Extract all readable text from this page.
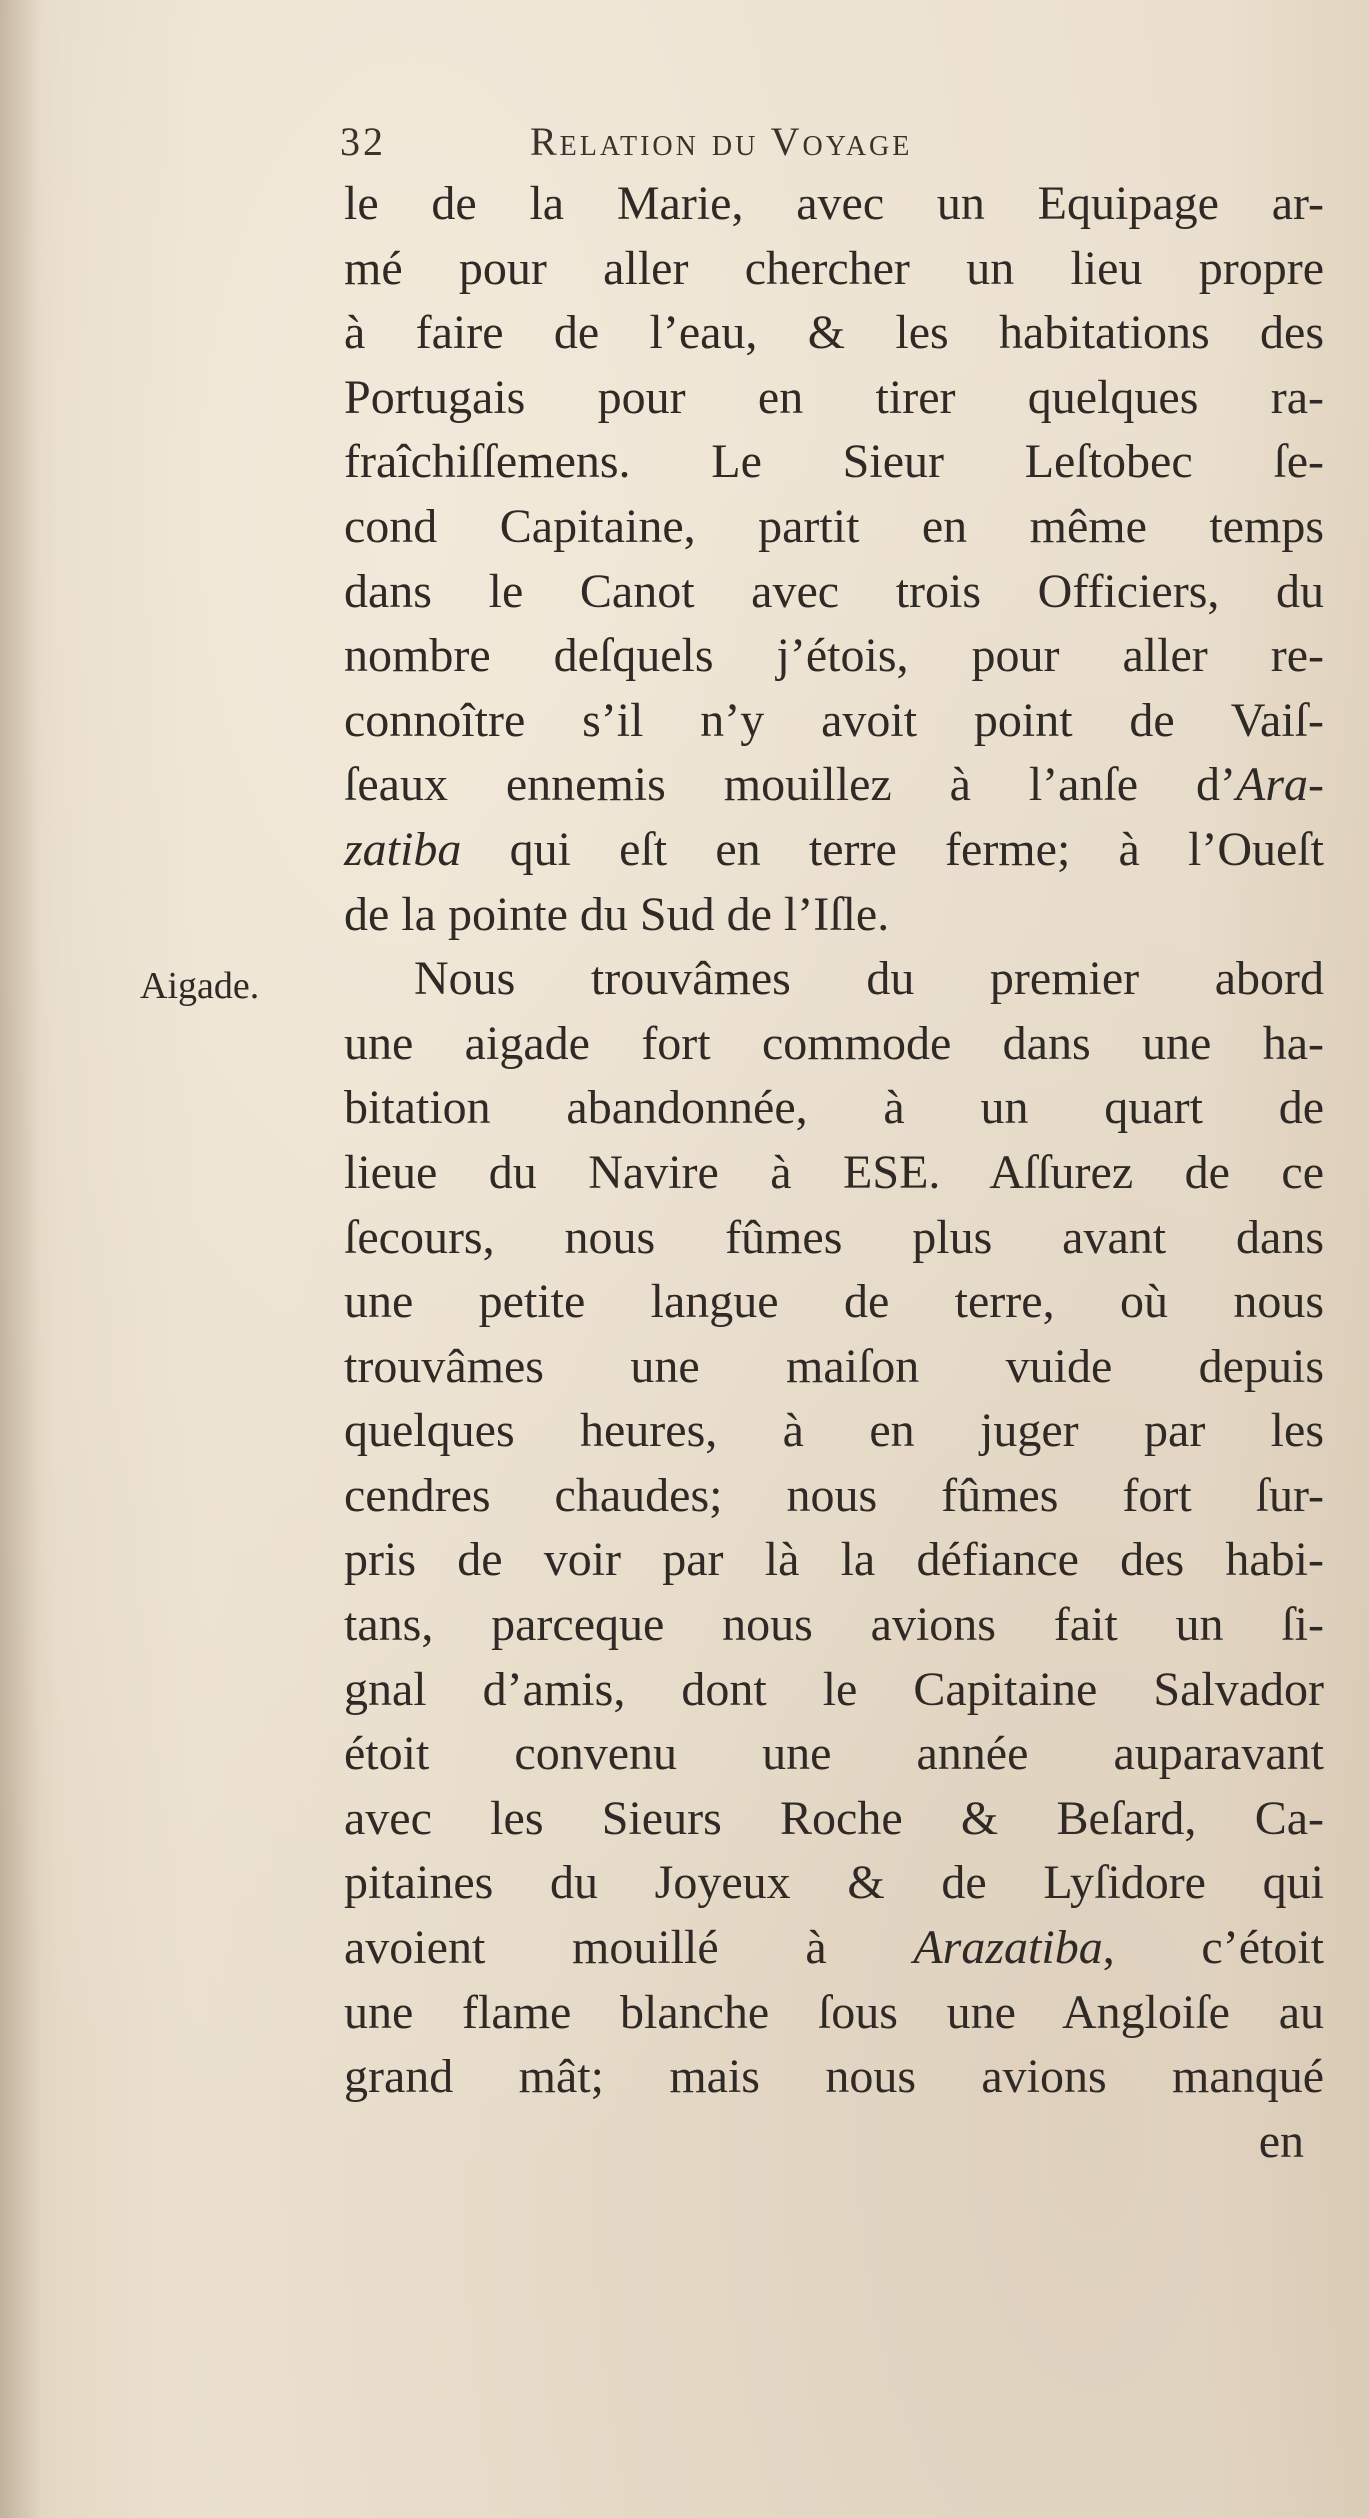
32	Relation du Voyage
Aigade.
le de la Marie, avec un Equipage ar-
mé pour aller chercher un lieu propre
à faire de l’eau, & les habitations des
Portugais pour en tirer quelques ra-
fraîchiſſemens. Le Sieur Leſtobec ſe-
cond Capitaine, partit en même temps
dans le Canot avec trois Officiers, du
nombre deſquels j’étois, pour aller re-
connoître s’il n’y avoit point de Vaiſ-
ſeaux ennemis mouillez à l’anſe d’Ara-
zatiba qui eſt en terre ferme; à l’Oueſt
de la pointe du Sud de l’Iſle.
Nous trouvâmes du premier abord
une aigade fort commode dans une ha-
bitation abandonnée, à un quart de
lieue du Navire à ESE. Aſſurez de ce
ſecours, nous fûmes plus avant dans
une petite langue de terre, où nous
trouvâmes une maiſon vuide depuis
quelques heures, à en juger par les
cendres chaudes; nous fûmes fort ſur-
pris de voir par là la défiance des habi-
tans, parceque nous avions fait un ſi-
gnal d’amis, dont le Capitaine Salvador
étoit convenu une année auparavant
avec les Sieurs Roche & Beſard, Ca-
pitaines du Joyeux & de Lyſidore qui
avoient mouillé à Arazatiba, c’étoit
une flame blanche ſous une Angloiſe au
grand mât; mais nous avions manqué
en
